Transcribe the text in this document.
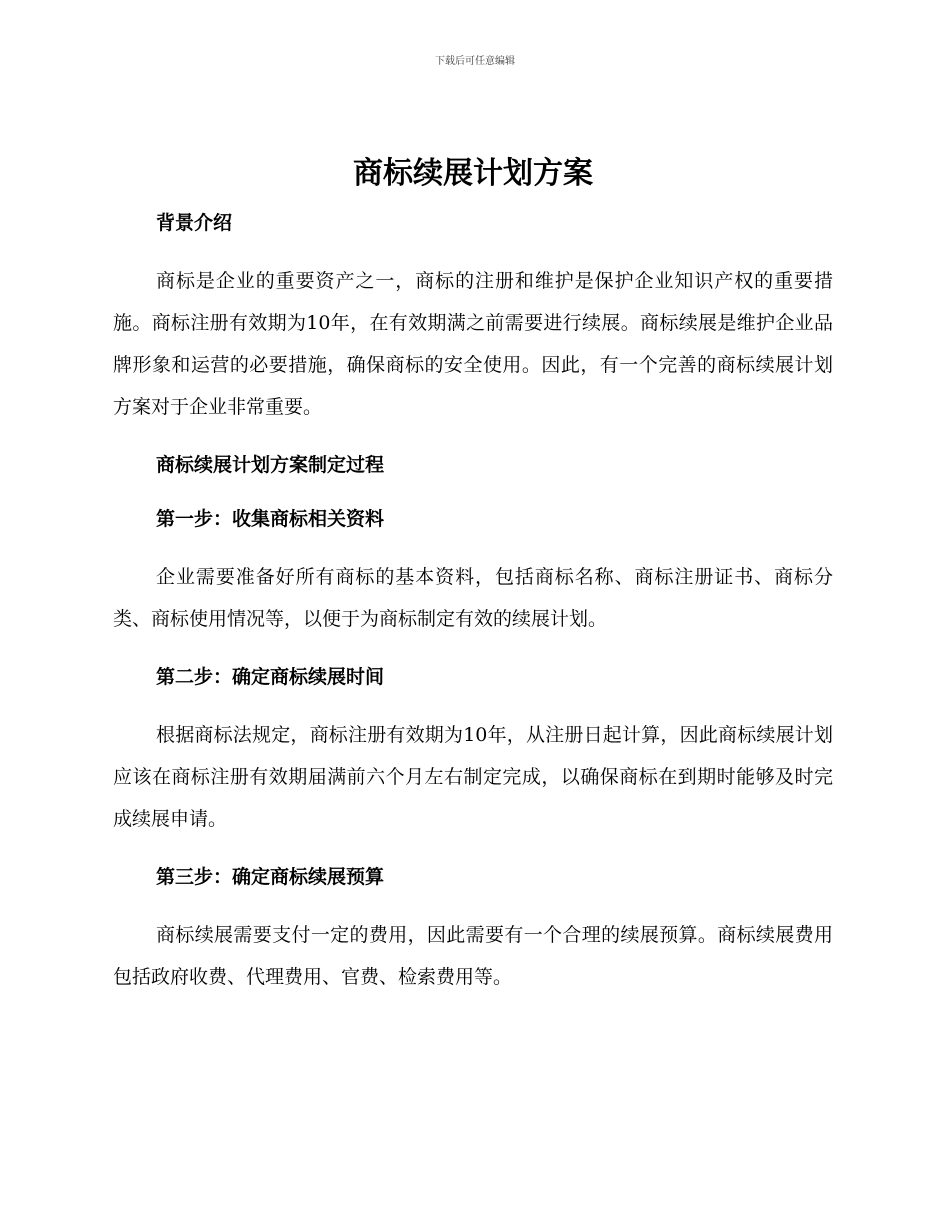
下载后可任意编辑

商标续展计划方案
背景介绍

商标是企业的重要资产之一，商标的注册和维护是保护企业知识产权的重要措施。商标注册有效期为10年，在有效期满之前需要进行续展。商标续展是维护企业品牌形象和运营的必要措施，确保商标的安全使用。因此，有一个完善的商标续展计划方案对于企业非常重要。

商标续展计划方案制定过程
第一步：收集商标相关资料

企业需要准备好所有商标的基本资料，包括商标名称、商标注册证书、商标分类、商标使用情况等，以便于为商标制定有效的续展计划。

第二步：确定商标续展时间

根据商标法规定，商标注册有效期为10年，从注册日起计算，因此商标续展计划应该在商标注册有效期届满前六个月左右制定完成，以确保商标在到期时能够及时完成续展申请。

第三步：确定商标续展预算

商标续展需要支付一定的费用，因此需要有一个合理的续展预算。商标续展费用包括政府收费、代理费用、官费、检索费用等。
